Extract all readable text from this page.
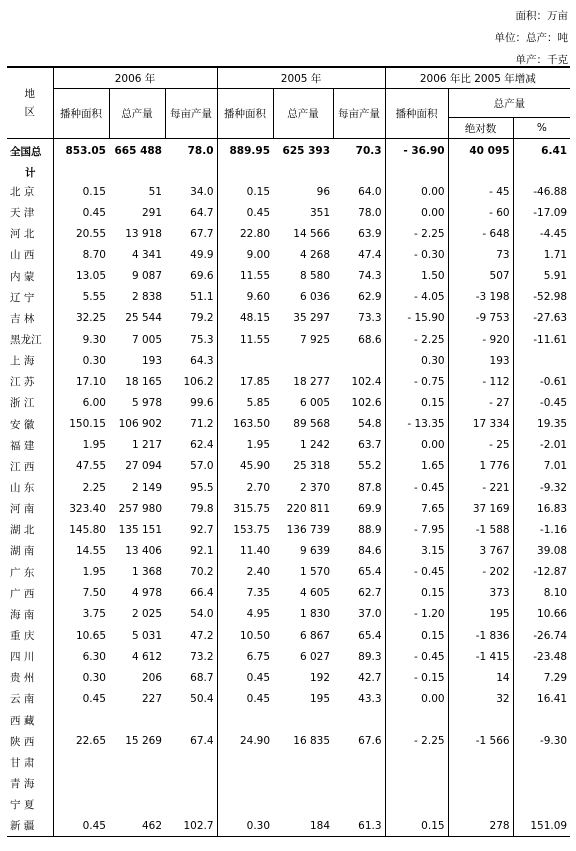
面积：万亩
单位：总产：吨
单产：千克
地
区	2006 年			2005 年			2006 年比 2005 年增减		
	播种面积	总产量	每亩产量	播种面积	总产量	每亩产量	播种面积	总产量	
								绝对数	%
全国总	853.05	665 488	78.0	889.95	625 393	70.3	- 36.90	40 095	6.41
计									
北 京	0.15	51	34.0	0.15	96	64.0	0.00	- 45	-46.88
天 津	0.45	291	64.7	0.45	351	78.0	0.00	- 60	-17.09
河 北	20.55	13 918	67.7	22.80	14 566	63.9	- 2.25	- 648	-4.45
山 西	8.70	4 341	49.9	9.00	4 268	47.4	- 0.30	73	1.71
内 蒙	13.05	9 087	69.6	11.55	8 580	74.3	1.50	507	5.91
辽 宁	5.55	2 838	51.1	9.60	6 036	62.9	- 4.05	-3 198	-52.98
吉 林	32.25	25 544	79.2	48.15	35 297	73.3	- 15.90	-9 753	-27.63
黑龙江	9.30	7 005	75.3	11.55	7 925	68.6	- 2.25	- 920	-11.61
上 海	0.30	193	64.3				0.30	193	
江 苏	17.10	18 165	106.2	17.85	18 277	102.4	- 0.75	- 112	-0.61
浙 江	6.00	5 978	99.6	5.85	6 005	102.6	0.15	- 27	-0.45
安 徽	150.15	106 902	71.2	163.50	89 568	54.8	- 13.35	17 334	19.35
福 建	1.95	1 217	62.4	1.95	1 242	63.7	0.00	- 25	-2.01
江 西	47.55	27 094	57.0	45.90	25 318	55.2	1.65	1 776	7.01
山 东	2.25	2 149	95.5	2.70	2 370	87.8	- 0.45	- 221	-9.32
河 南	323.40	257 980	79.8	315.75	220 811	69.9	7.65	37 169	16.83
湖 北	145.80	135 151	92.7	153.75	136 739	88.9	- 7.95	-1 588	-1.16
湖 南	14.55	13 406	92.1	11.40	9 639	84.6	3.15	3 767	39.08
广 东	1.95	1 368	70.2	2.40	1 570	65.4	- 0.45	- 202	-12.87
广 西	7.50	4 978	66.4	7.35	4 605	62.7	0.15	373	8.10
海 南	3.75	2 025	54.0	4.95	1 830	37.0	- 1.20	195	10.66
重 庆	10.65	5 031	47.2	10.50	6 867	65.4	0.15	-1 836	-26.74
四 川	6.30	4 612	73.2	6.75	6 027	89.3	- 0.45	-1 415	-23.48
贵 州	0.30	206	68.7	0.45	192	42.7	- 0.15	14	7.29
云 南	0.45	227	50.4	0.45	195	43.3	0.00	32	16.41
西 藏									
陕 西	22.65	15 269	67.4	24.90	16 835	67.6	- 2.25	-1 566	-9.30
甘 肃									
青 海									
宁 夏									
新 疆	0.45	462	102.7	0.30	184	61.3	0.15	278	151.09
